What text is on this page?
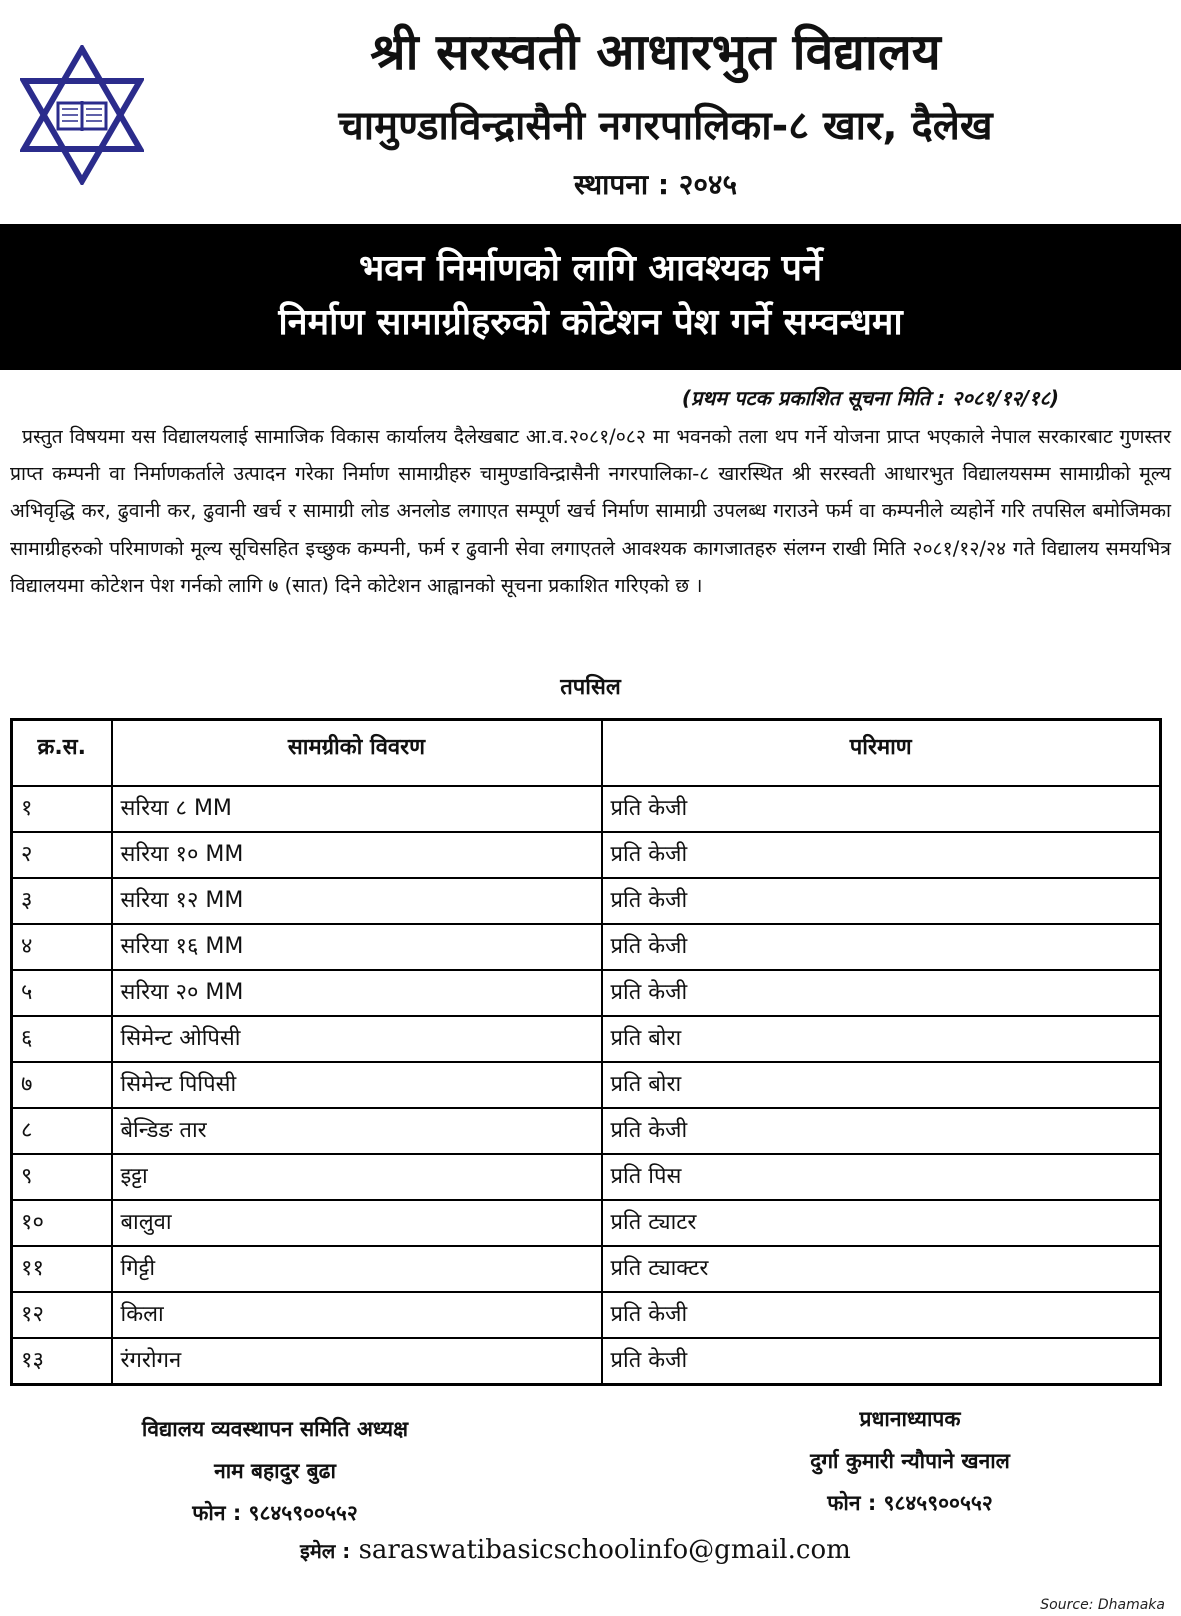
श्री सरस्वती आधारभुत विद्यालय
चामुण्डाविन्द्रासैनी नगरपालिका-८ खार, दैलेख
स्थापना : २०४५
भवन निर्माणको लागि आवश्यक पर्ने
निर्माण सामाग्रीहरुको कोटेशन पेश गर्ने सम्वन्धमा
(प्रथम पटक प्रकाशित सूचना मिति : २०८१/१२/१८)
प्रस्तुत विषयमा यस विद्यालयलाई सामाजिक विकास कार्यालय दैलेखबाट आ.व.२०८१/०८२ मा भवनको तला थप गर्ने योजना प्राप्त भएकाले नेपाल सरकारबाट गुणस्तर प्राप्त कम्पनी वा निर्माणकर्ताले उत्पादन गरेका निर्माण सामाग्रीहरु चामुण्डाविन्द्रासैनी नगरपालिका-८ खारस्थित श्री सरस्वती आधारभुत विद्यालयसम्म सामाग्रीको मूल्य अभिवृद्धि कर, ढुवानी कर, ढुवानी खर्च र सामाग्री लोड अनलोड लगाएत सम्पूर्ण खर्च निर्माण सामाग्री उपलब्ध गराउने फर्म वा कम्पनीले व्यहोर्ने गरि तपसिल बमोजिमका सामाग्रीहरुको परिमाणको मूल्य सूचिसहित इच्छुक कम्पनी, फर्म र ढुवानी सेवा लगाएतले आवश्यक कागजातहरु संलग्न राखी मिति २०८१/१२/२४ गते विद्यालय समयभित्र विद्यालयमा कोटेशन पेश गर्नको लागि ७ (सात) दिने कोटेशन आह्वानको सूचना प्रकाशित गरिएको छ ।
तपसिल
क्र.स.	सामग्रीको विवरण	परिमाण
१	सरिया ८ MM	प्रति केजी
२	सरिया १० MM	प्रति केजी
३	सरिया १२ MM	प्रति केजी
४	सरिया १६ MM	प्रति केजी
५	सरिया २० MM	प्रति केजी
६	सिमेन्ट ओपिसी	प्रति बोरा
७	सिमेन्ट पिपिसी	प्रति बोरा
८	बेन्डिङ तार	प्रति केजी
९	इट्टा	प्रति पिस
१०	बालुवा	प्रति ट्याटर
११	गिट्टी	प्रति ट्याक्टर
१२	किला	प्रति केजी
१३	रंगरोगन	प्रति केजी
विद्यालय व्यवस्थापन समिति अध्यक्ष
नाम बहादुर बुढा
फोन : ९८४५९००५५२
प्रधानाध्यापक
दुर्गा कुमारी न्यौपाने खनाल
फोन : ९८४५९००५५२
इमेल : saraswatibasicschoolinfo@gmail.com
Source: Dhamaka
